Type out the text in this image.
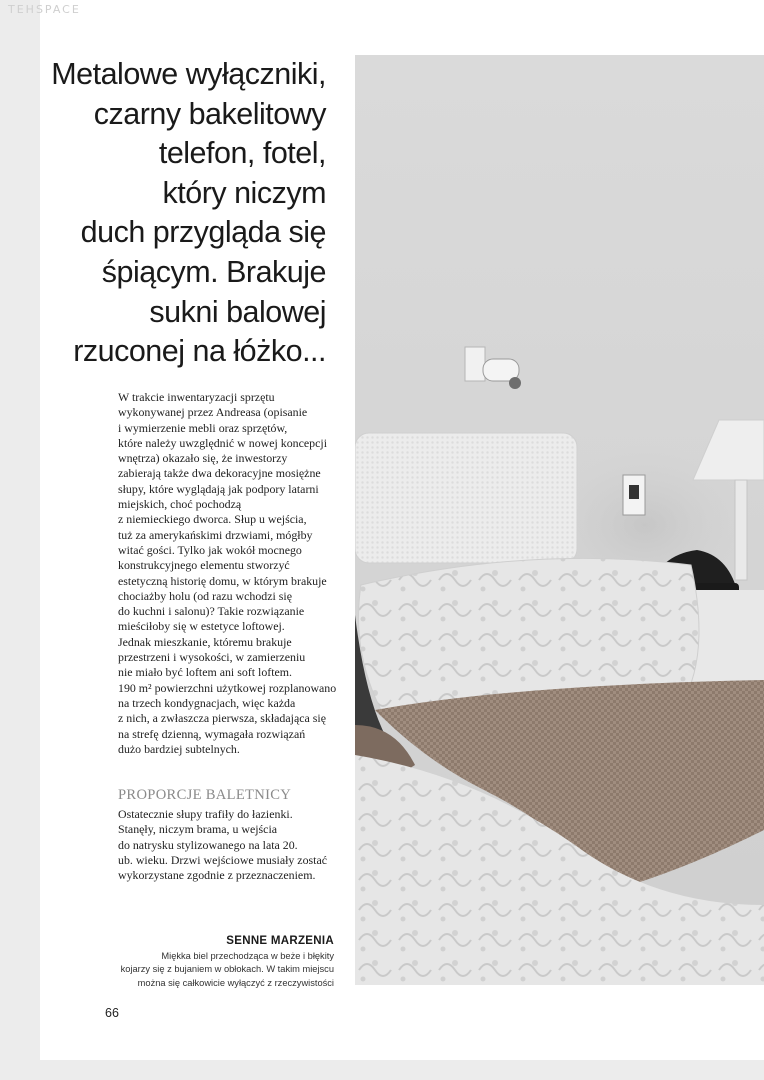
TEHSPACE
Metalowe wyłączniki,
czarny bakelitowy
telefon, fotel,
który niczym
duch przygląda się
śpiącym. Brakuje
sukni balowej
rzuconej na łóżko...
W trakcie inwentaryzacji sprzętu
wykonywanej przez Andreasa (opisanie
i wymierzenie mebli oraz sprzętów,
które należy uwzględnić w nowej koncepcji
wnętrza) okazało się, że inwestorzy
zabierają także dwa dekoracyjne mosiężne
słupy, które wyglądają jak podpory latarni
miejskich, choć pochodzą
z niemieckiego dworca. Słup u wejścia,
tuż za amerykańskimi drzwiami, mógłby
witać gości. Tylko jak wokół mocnego
konstrukcyjnego elementu stworzyć
estetyczną historię domu, w którym brakuje
chociażby holu (od razu wchodzi się
do kuchni i salonu)? Takie rozwiązanie
mieściłoby się w estetyce loftowej.
Jednak mieszkanie, któremu brakuje
przestrzeni i wysokości, w zamierzeniu
nie miało być loftem ani soft loftem.
190 m² powierzchni użytkowej rozplanowano
na trzech kondygnacjach, więc każda
z nich, a zwłaszcza pierwsza, składająca się
na strefę dzienną, wymagała rozwiązań
dużo bardziej subtelnych.
PROPORCJE BALETNICY
Ostatecznie słupy trafiły do łazienki.
Stanęły, niczym brama, u wejścia
do natrysku stylizowanego na lata 20.
ub. wieku. Drzwi wejściowe musiały zostać
wykorzystane zgodnie z przeznaczeniem.
SENNE MARZENIA
Miękka biel przechodząca w beże i błękity
kojarzy się z bujaniem w obłokach. W takim miejscu
można się całkowicie wyłączyć z rzeczywistości
66
